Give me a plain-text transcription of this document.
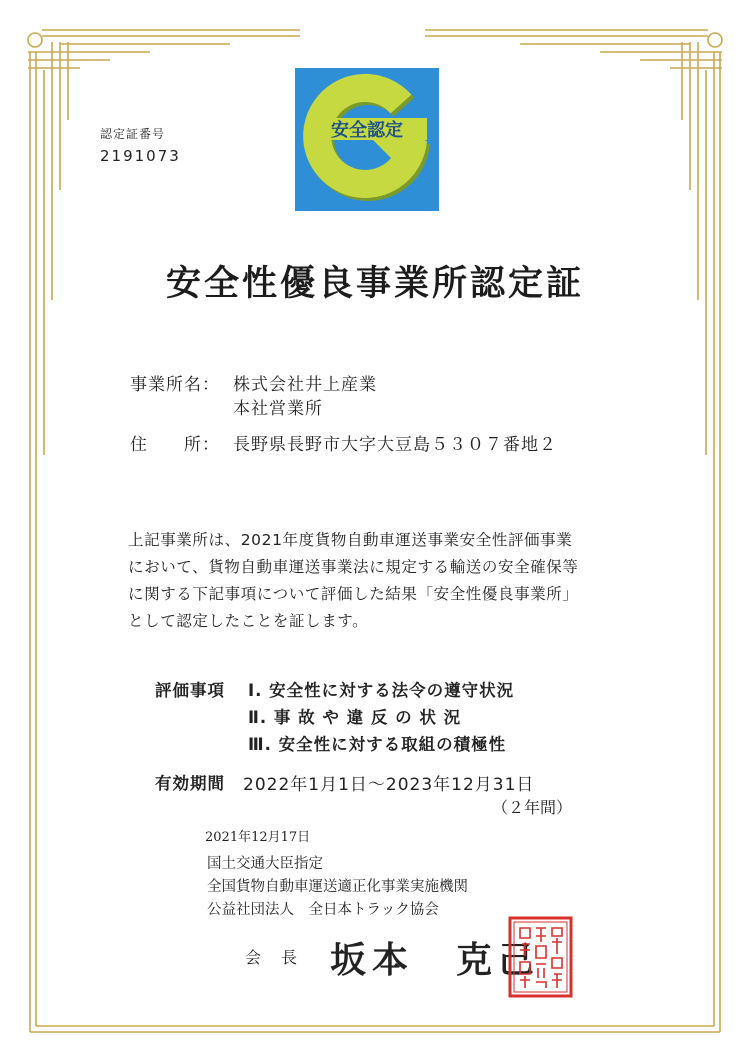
認定証番号
2191073
安全認定
安全性優良事業所認定証
事業所名： 株式会社井上産業
本社営業所
住　　所： 長野県長野市大字大豆島５３０７番地２

上記事業所は、2021年度貨物自動車運送事業安全性評価事業

において、貨物自動車運送事業法に規定する輸送の安全確保等

に関する下記事項について評価した結果「安全性優良事業所」

として認定したことを証します。

評価事項 Ⅰ. 安全性に対する法令の遵守状況
Ⅱ. 事 故 や 違 反 の 状 況
Ⅲ. 安全性に対する取組の積極性
有効期間 2022年1月1日～2023年12月31日
（２年間）
2021年12月17日

国土交通大臣指定

全国貨物自動車運送適正化事業実施機関

公益社団法人　全日本トラック協会

会　長 坂本　克己
